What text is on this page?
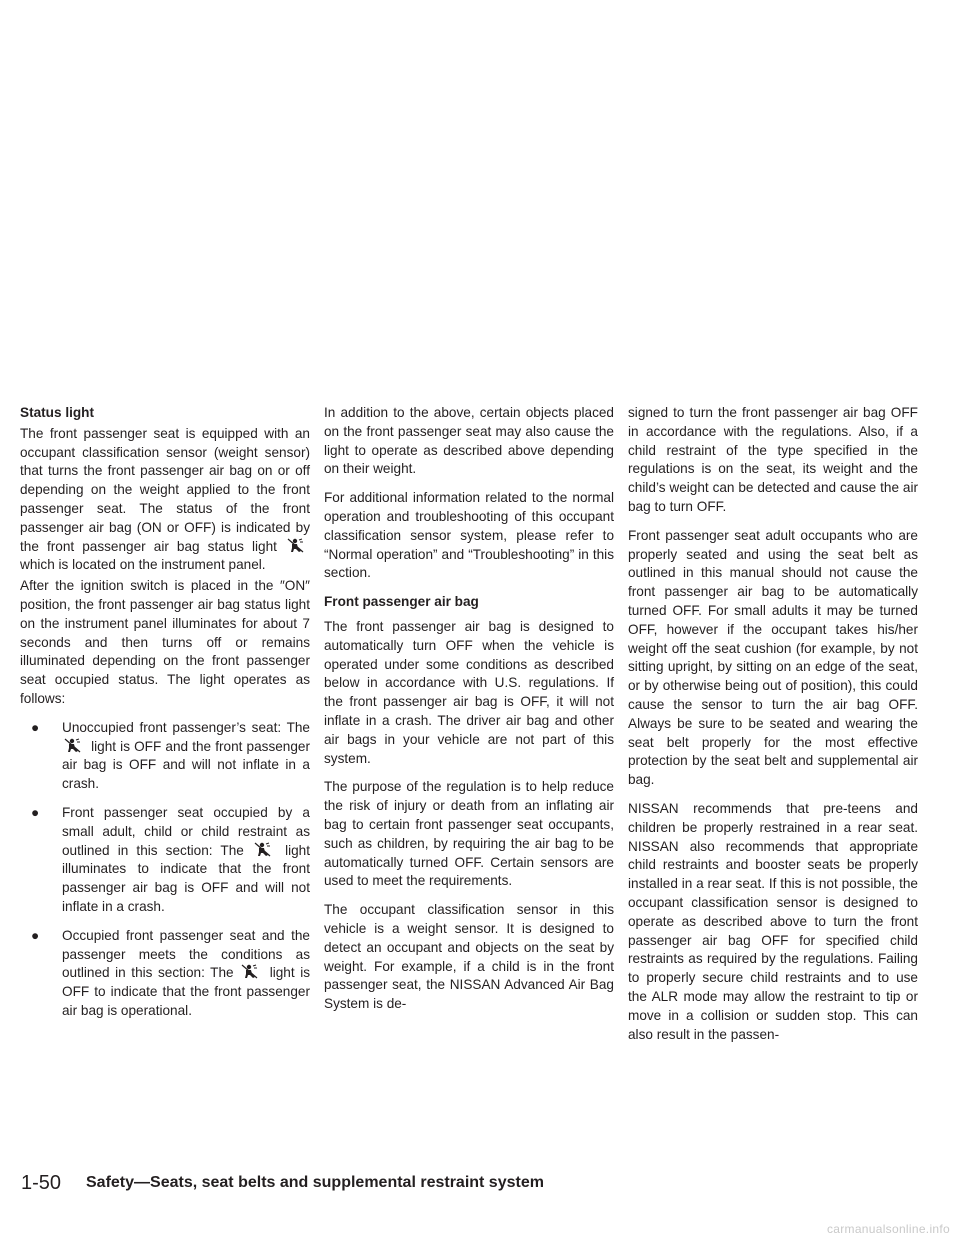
Status light

The front passenger seat is equipped with an occupant classification sensor (weight sensor) that turns the front passenger air bag on or off depending on the weight applied to the front passenger seat. The status of the front passenger air bag (ON or OFF) is indicated by the front passenger air bag status light
which is located on the instrument panel.

After the ignition switch is placed in the ″ON″ position, the front passenger air bag status light on the instrument panel illuminates for about 7 seconds and then turns off or remains illuminated depending on the front passenger seat occupied status. The light operates as follows:

● Unoccupied front passenger’s seat: The
light is OFF and the front passenger air bag is OFF and will not inflate in a crash.
● Front passenger seat occupied by a small adult, child or child restraint as outlined in this section: The	light illuminates to indicate that the front passenger air bag is OFF and will not inflate in a crash.
● Occupied front passenger seat and the passenger meets the conditions as outlined in this section: The	light is OFF to indicate that the front passenger air bag is operational.

In addition to the above, certain objects placed on the front passenger seat may also cause the light to operate as described above depending on their weight.

For additional information related to the normal operation and troubleshooting of this occupant classification sensor system, please refer to “Normal operation” and “Troubleshooting” in this section.

Front passenger air bag

The front passenger air bag is designed to automatically turn OFF when the vehicle is operated under some conditions as described below in accordance with U.S. regulations. If the front passenger air bag is OFF, it will not inflate in a crash. The driver air bag and other air bags in your vehicle are not part of this system.

The purpose of the regulation is to help reduce the risk of injury or death from an inflating air bag to certain front passenger seat occupants, such as children, by requiring the air bag to be automatically turned OFF. Certain sensors are used to meet the requirements.

The occupant classification sensor in this vehicle is a weight sensor. It is designed to detect an occupant and objects on the seat by weight. For example, if a child is in the front passenger seat, the NISSAN Advanced Air Bag System is de-

signed to turn the front passenger air bag OFF in accordance with the regulations. Also, if a child restraint of the type specified in the regulations is on the seat, its weight and the child’s weight can be detected and cause the air bag to turn OFF.

Front passenger seat adult occupants who are properly seated and using the seat belt as outlined in this manual should not cause the front passenger air bag to be automatically turned OFF. For small adults it may be turned OFF, however if the occupant takes his/her weight off the seat cushion (for example, by not sitting upright, by sitting on an edge of the seat, or by otherwise being out of position), this could cause the sensor to turn the air bag OFF. Always be sure to be seated and wearing the seat belt properly for the most effective protection by the seat belt and supplemental air bag.

NISSAN recommends that pre-teens and children be properly restrained in a rear seat. NISSAN also recommends that appropriate child restraints and booster seats be properly installed in a rear seat. If this is not possible, the occupant classification sensor is designed to operate as described above to turn the front passenger air bag OFF for specified child restraints as required by the regulations. Failing to properly secure child restraints and to use the ALR mode may allow the restraint to tip or move in a collision or sudden stop. This can also result in the passen-

1-50 Safety—Seats, seat belts and supplemental restraint system
carmanualsonline.info
